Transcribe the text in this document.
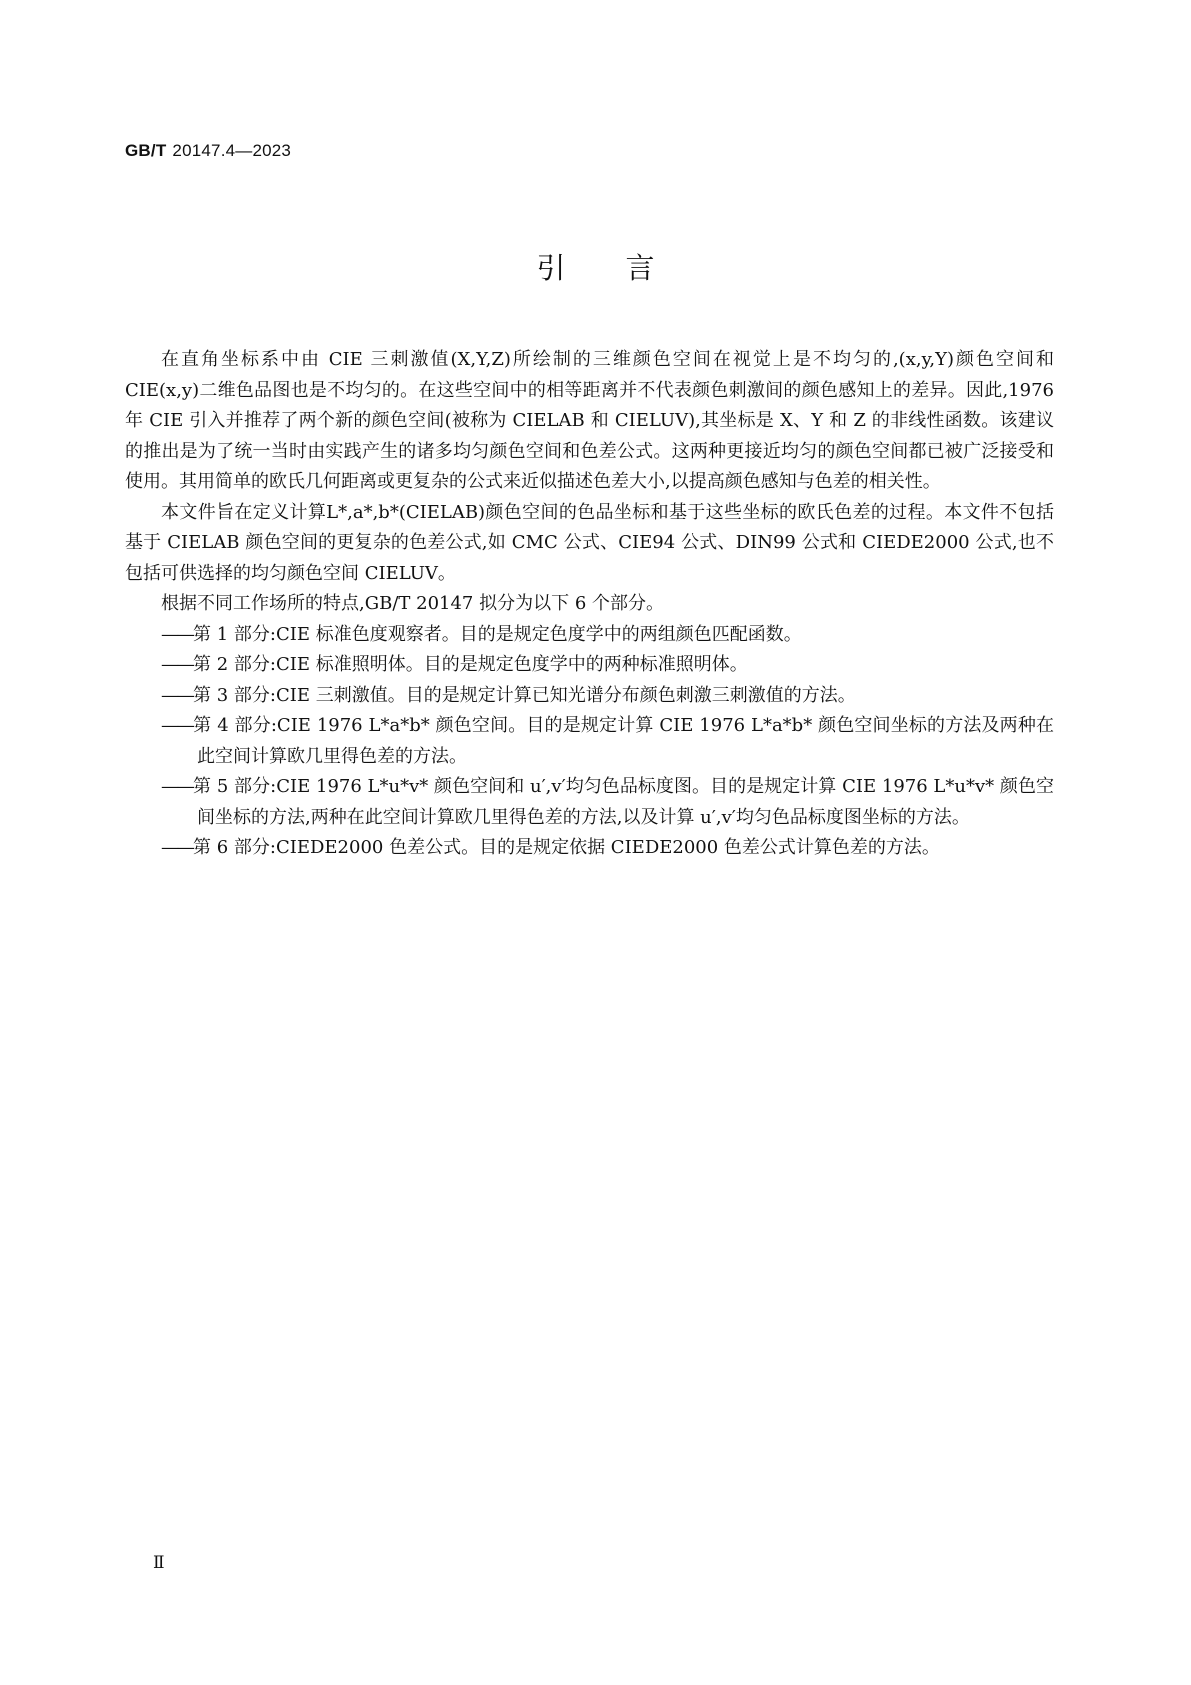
GB/T 20147.4—2023
引言

在直角坐标系中由 CIE 三刺激值(X,Y,Z)所绘制的三维颜色空间在视觉上是不均匀的,(x,y,Y)颜色空间和 CIE(x,y)二维色品图也是不均匀的。在这些空间中的相等距离并不代表颜色刺激间的颜色感知上的差异。因此,1976 年 CIE 引入并推荐了两个新的颜色空间(被称为 CIELAB 和 CIELUV),其坐标是 X、Y 和 Z 的非线性函数。该建议的推出是为了统一当时由实践产生的诸多均匀颜色空间和色差公式。这两种更接近均匀的颜色空间都已被广泛接受和使用。其用简单的欧氏几何距离或更复杂的公式来近似描述色差大小,以提高颜色感知与色差的相关性。

本文件旨在定义计算L*,a*,b*(CIELAB)颜色空间的色品坐标和基于这些坐标的欧氏色差的过程。本文件不包括基于 CIELAB 颜色空间的更复杂的色差公式,如 CMC 公式、CIE94 公式、DIN99 公式和 CIEDE2000 公式,也不包括可供选择的均匀颜色空间 CIELUV。

根据不同工作场所的特点,GB/T 20147 拟分为以下 6 个部分。

——第 1 部分:CIE 标准色度观察者。目的是规定色度学中的两组颜色匹配函数。
——第 2 部分:CIE 标准照明体。目的是规定色度学中的两种标准照明体。
——第 3 部分:CIE 三刺激值。目的是规定计算已知光谱分布颜色刺激三刺激值的方法。
——第 4 部分:CIE 1976 L*a*b* 颜色空间。目的是规定计算 CIE 1976 L*a*b* 颜色空间坐标的方法及两种在此空间计算欧几里得色差的方法。
——第 5 部分:CIE 1976 L*u*v* 颜色空间和 u′,v′均匀色品标度图。目的是规定计算 CIE 1976 L*u*v* 颜色空间坐标的方法,两种在此空间计算欧几里得色差的方法,以及计算 u′,v′均匀色品标度图坐标的方法。
——第 6 部分:CIEDE2000 色差公式。目的是规定依据 CIEDE2000 色差公式计算色差的方法。
Ⅱ
